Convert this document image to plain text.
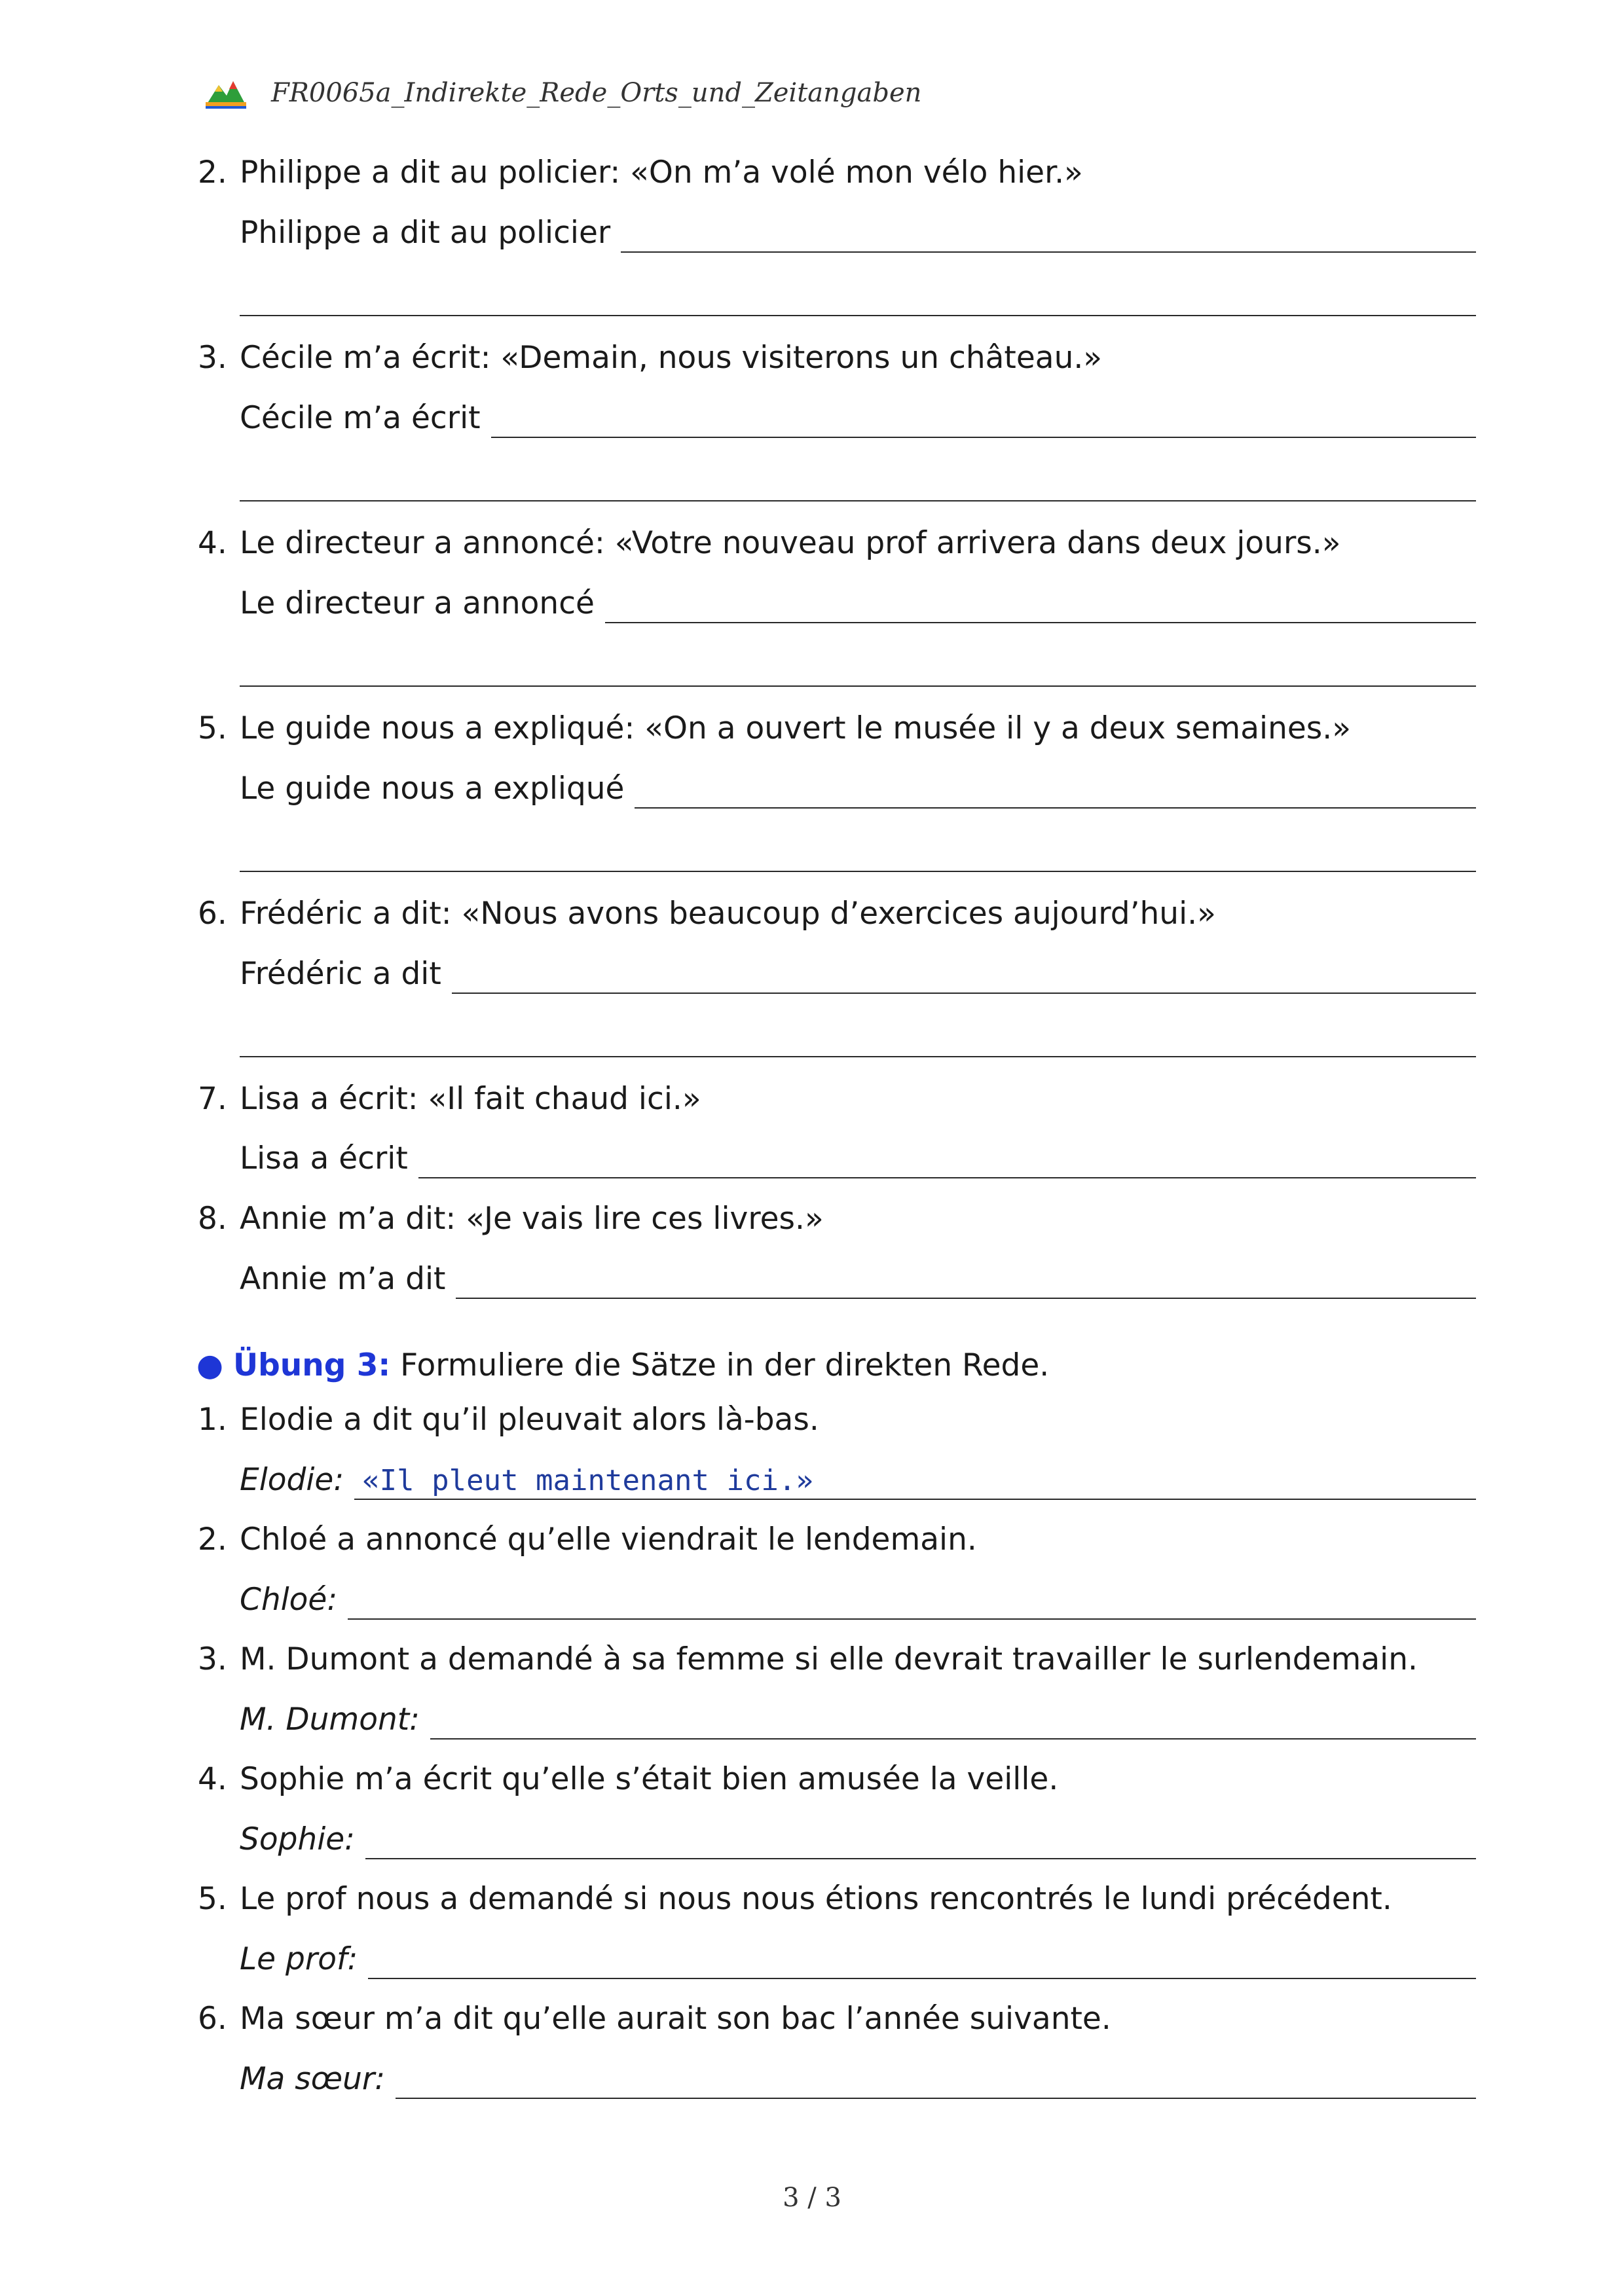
FR0065a_Indirekte_Rede_Orts_und_Zeitangaben
2. Philippe a dit au policier: «On m’a volé mon vélo hier.»
Philippe a dit au policier
3. Cécile m’a écrit: «Demain, nous visiterons un château.»
Cécile m’a écrit
4. Le directeur a annoncé: «Votre nouveau prof arrivera dans deux jours.»
Le directeur a annoncé
5. Le guide nous a expliqué: «On a ouvert le musée il y a deux semaines.»
Le guide nous a expliqué
6. Frédéric a dit: «Nous avons beaucoup d’exercices aujourd’hui.»
Frédéric a dit
7. Lisa a écrit: «Il fait chaud ici.»
Lisa a écrit
8. Annie m’a dit: «Je vais lire ces livres.»
Annie m’a dit
● Übung 3: Formuliere die Sätze in der direkten Rede.
1. Elodie a dit qu’il pleuvait alors là-bas.
Elodie: «Il pleut maintenant ici.»
2. Chloé a annoncé qu’elle viendrait le lendemain.
Chloé:
3. M. Dumont a demandé à sa femme si elle devrait travailler le surlendemain.
M. Dumont:
4. Sophie m’a écrit qu’elle s’était bien amusée la veille.
Sophie:
5. Le prof nous a demandé si nous nous étions rencontrés le lundi précédent.
Le prof:
6. Ma sœur m’a dit qu’elle aurait son bac l’année suivante.
Ma sœur:
3 / 3
